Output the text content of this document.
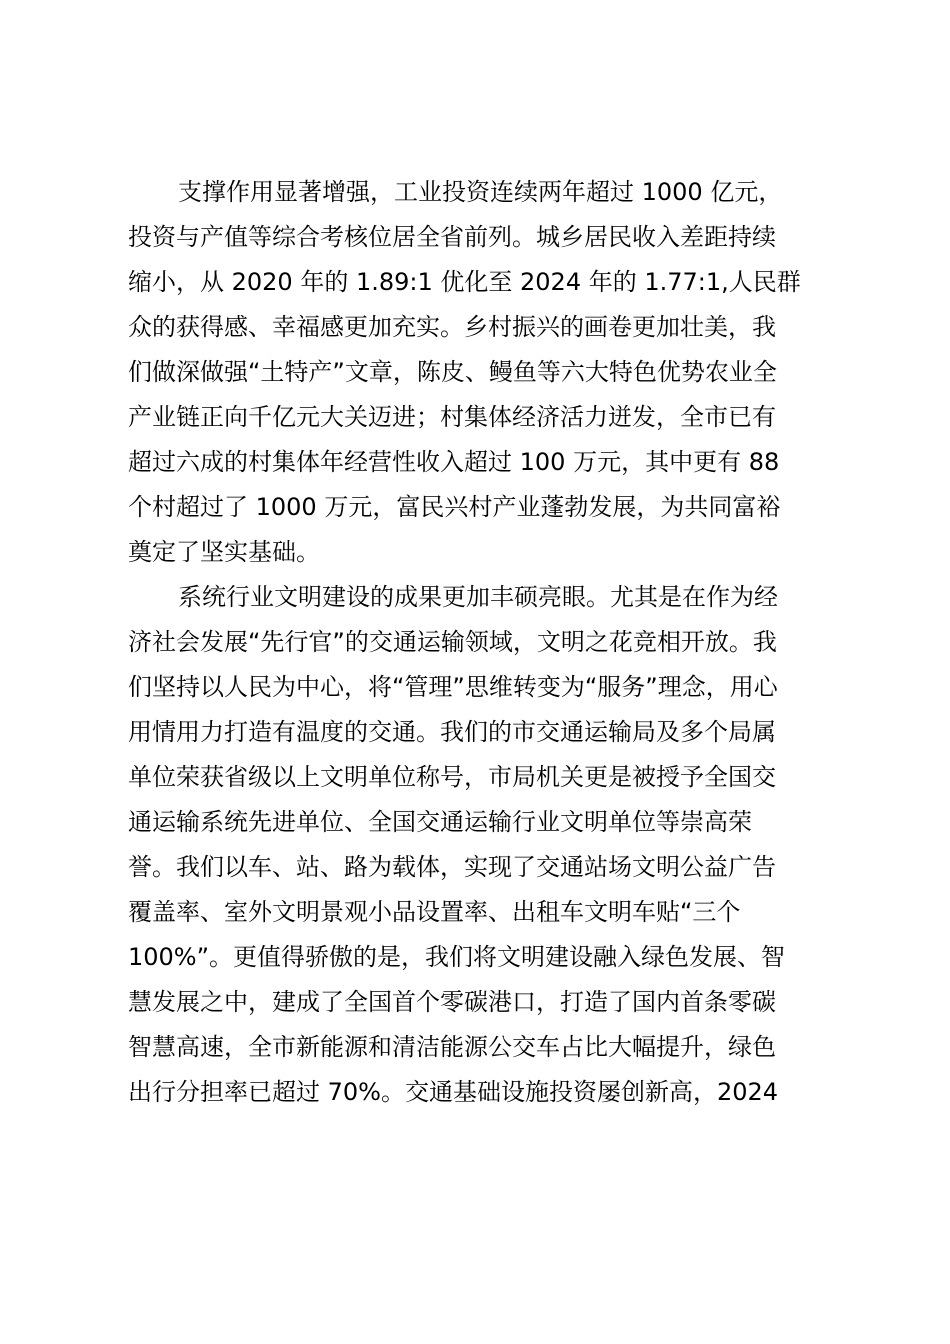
支撑作用显著增强，工业投资连续两年超过 1000 亿元，
投资与产值等综合考核位居全省前列。城乡居民收入差距持续
缩小，从 2020 年的 1.89:1 优化至 2024 年的 1.77:1,人民群
众的获得感、幸福感更加充实。乡村振兴的画卷更加壮美，我
们做深做强“土特产”文章，陈皮、鳗鱼等六大特色优势农业全
产业链正向千亿元大关迈进；村集体经济活力迸发，全市已有
超过六成的村集体年经营性收入超过 100 万元，其中更有 88
个村超过了 1000 万元，富民兴村产业蓬勃发展，为共同富裕
奠定了坚实基础。
系统行业文明建设的成果更加丰硕亮眼。尤其是在作为经
济社会发展“先行官”的交通运输领域，文明之花竞相开放。我
们坚持以人民为中心，将“管理”思维转变为“服务”理念，用心
用情用力打造有温度的交通。我们的市交通运输局及多个局属
单位荣获省级以上文明单位称号，市局机关更是被授予全国交
通运输系统先进单位、全国交通运输行业文明单位等崇高荣
誉。我们以车、站、路为载体，实现了交通站场文明公益广告
覆盖率、室外文明景观小品设置率、出租车文明车贴“三个
100%”。更值得骄傲的是，我们将文明建设融入绿色发展、智
慧发展之中，建成了全国首个零碳港口，打造了国内首条零碳
智慧高速，全市新能源和清洁能源公交车占比大幅提升，绿色
出行分担率已超过 70%。交通基础设施投资屡创新高，2024
